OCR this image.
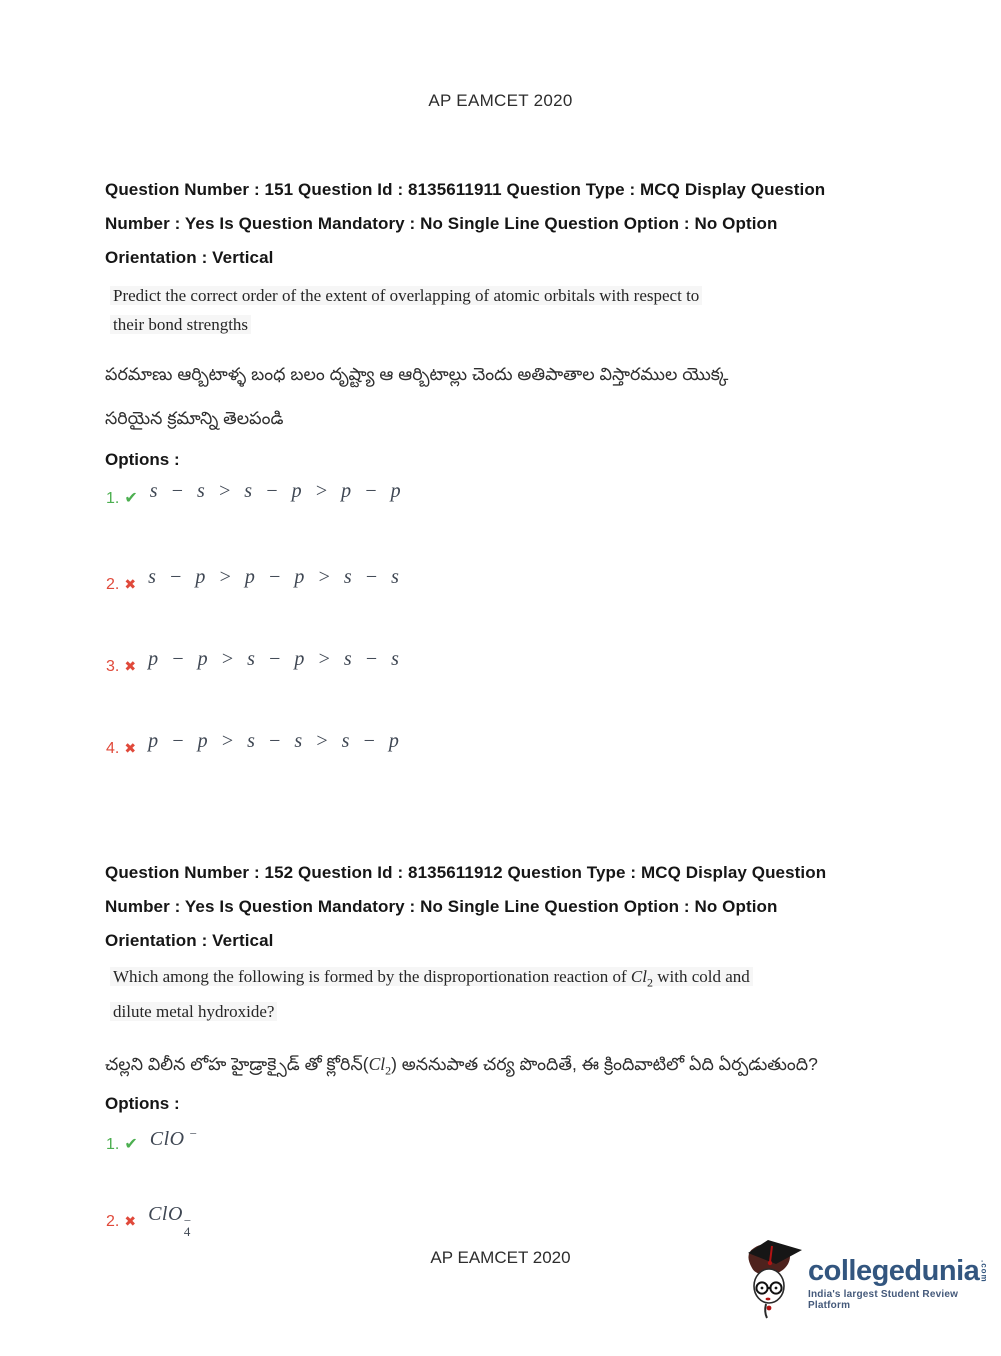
AP EAMCET 2020
Question Number : 151 Question Id : 8135611911 Question Type : MCQ Display Question
Number : Yes Is Question Mandatory : No Single Line Question Option : No Option
Orientation : Vertical
Predict the correct order of the extent of overlapping of atomic orbitals with respect to
their bond strengths
పరమాణు ఆర్బిటాళ్ళ బంధ బలం దృష్ట్యా ఆ ఆర్బిటాల్లు చెందు అతిపాతాల విస్తారముల యొక్క
సరియైన క్రమాన్ని తెలపండి
Options :
1. ✔ s − s > s − p > p − p
2. ✖ s − p > p − p > s − s
3. ✖ p − p > s − p > s − s
4. ✖ p − p > s − s > s − p
Question Number : 152 Question Id : 8135611912 Question Type : MCQ Display Question
Number : Yes Is Question Mandatory : No Single Line Question Option : No Option
Orientation : Vertical
Which among the following is formed by the disproportionation reaction of $Cl_2$ with cold and
dilute metal hydroxide?
చల్లని విలీన లోహ హైడ్రాక్సైడ్ తో $క్లోరిన్(Cl_2)$ అననుపాత చర్య పొందితే, ఈ క్రిందివాటిలో ఏది ఏర్పడుతుంది?
Options :
1. ✔ ClO −
2. ✖ ClO −
4
AP EAMCET 2020	collegedunia .com
India's largest Student Review Platform
